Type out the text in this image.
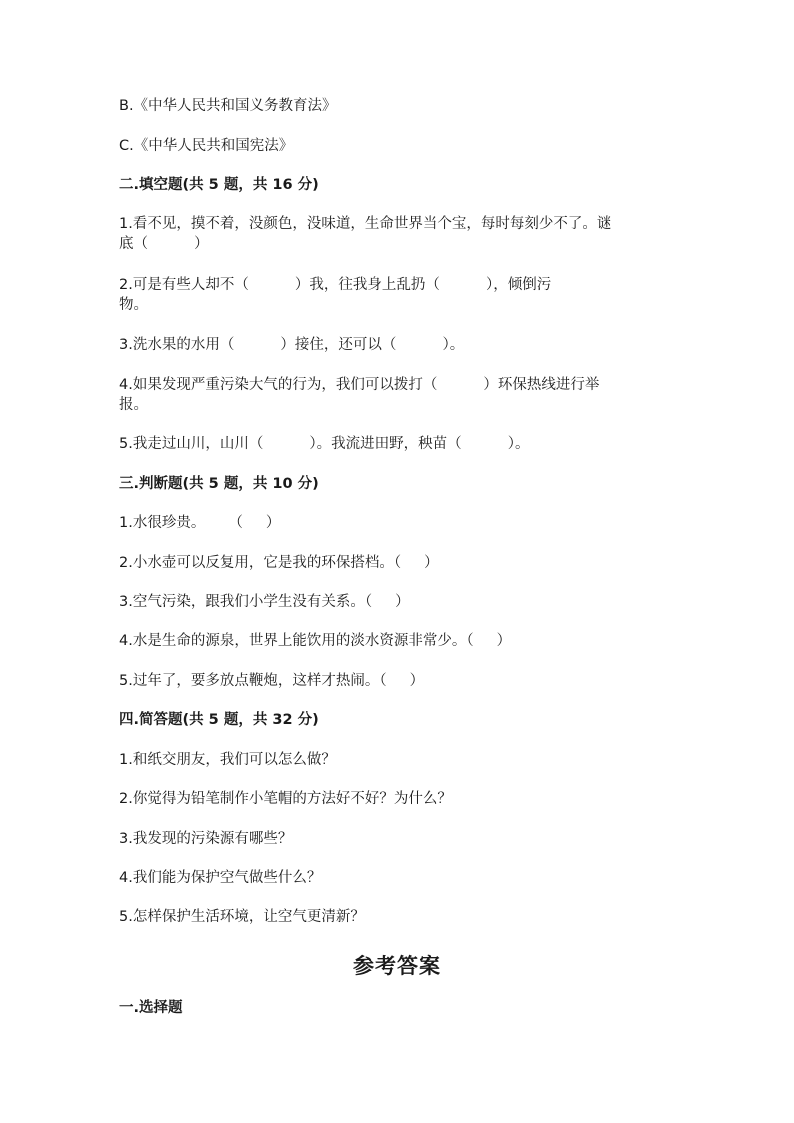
B.《中华人民共和国义务教育法》
C.《中华人民共和国宪法》
二.填空题(共 5 题，共 16 分)
1.看不见，摸不着，没颜色，没味道，生命世界当个宝，每时每刻少不了。谜
底（          ）
2.可是有些人却不（          ）我，往我身上乱扔（          ），倾倒污
物。
3.洗水果的水用（          ）接住，还可以（          ）。
4.如果发现严重污染大气的行为，我们可以拨打（          ）环保热线进行举
报。
5.我走过山川，山川（          ）。我流进田野，秧苗（          ）。
三.判断题(共 5 题，共 10 分)
1.水很珍贵。     （     ）
2.小水壶可以反复用，它是我的环保搭档。（     ）
3.空气污染，跟我们小学生没有关系。（     ）
4.水是生命的源泉，世界上能饮用的淡水资源非常少。（     ）
5.过年了，要多放点鞭炮，这样才热闹。（     ）
四.简答题(共 5 题，共 32 分)
1.和纸交朋友，我们可以怎么做？
2.你觉得为铅笔制作小笔帽的方法好不好？为什么？
3.我发现的污染源有哪些？
4.我们能为保护空气做些什么？
5.怎样保护生活环境，让空气更清新？
参考答案
一.选择题
